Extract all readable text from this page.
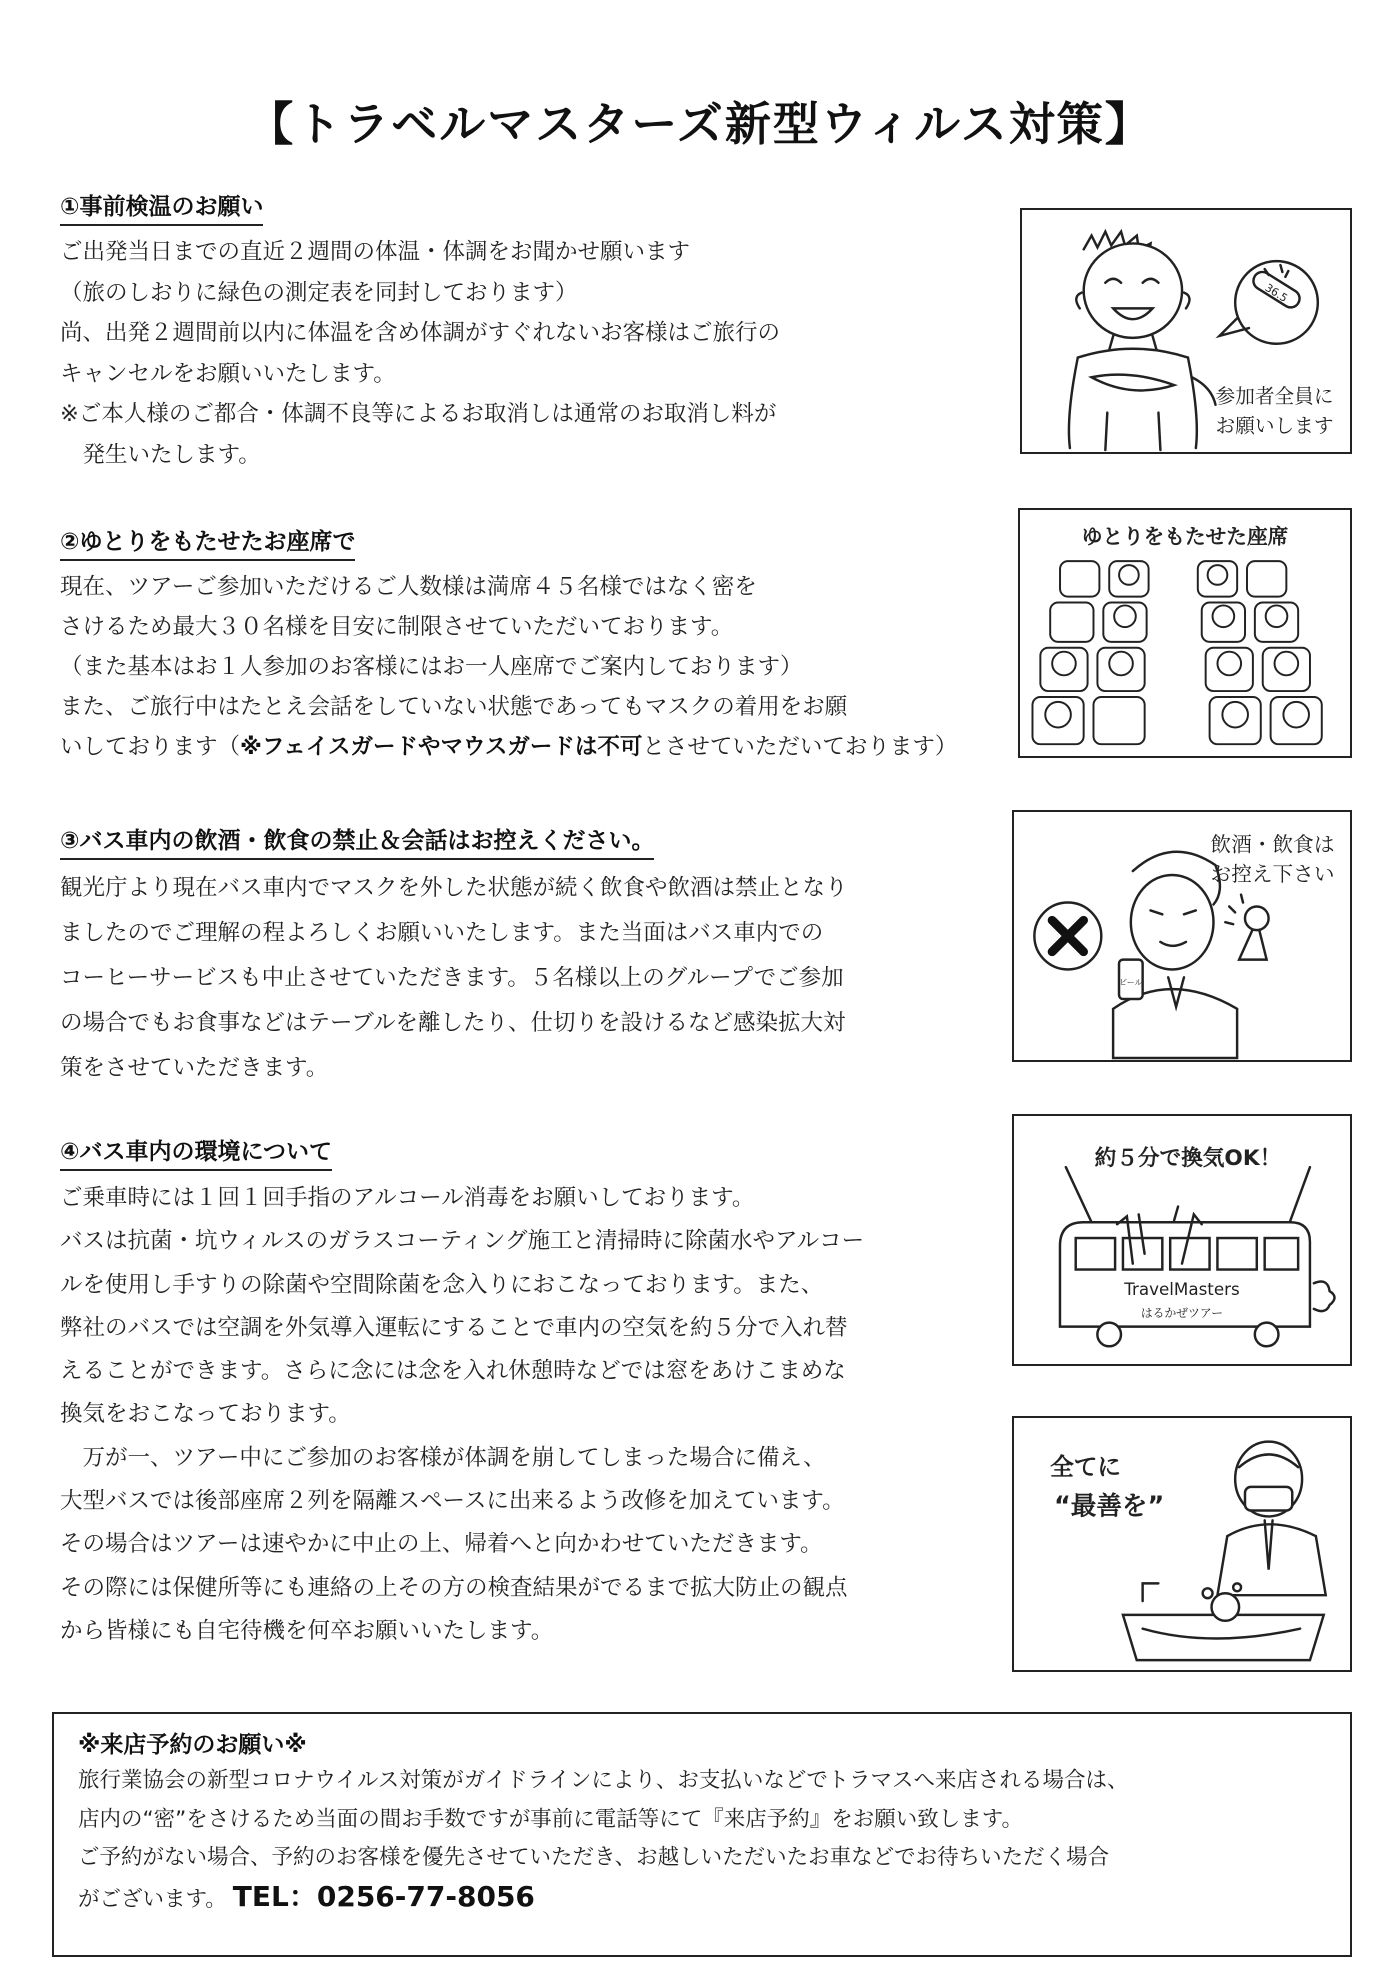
【トラベルマスターズ新型ウィルス対策】
①事前検温のお願い
ご出発当日までの直近２週間の体温・体調をお聞かせ願います
（旅のしおりに緑色の測定表を同封しております）
尚、出発２週間前以内に体温を含め体調がすぐれないお客様はご旅行の
キャンセルをお願いいたします。
※ご本人様のご都合・体調不良等によるお取消しは通常のお取消し料が
　発生いたします。
②ゆとりをもたせたお座席で
現在、ツアーご参加いただけるご人数様は満席４５名様ではなく密を
さけるため最大３０名様を目安に制限させていただいております。
（また基本はお１人参加のお客様にはお一人座席でご案内しております）
また、ご旅行中はたとえ会話をしていない状態であってもマスクの着用をお願
いしております（※フェイスガードやマウスガードは不可とさせていただいております）
③バス車内の飲酒・飲食の禁止＆会話はお控えください。
観光庁より現在バス車内でマスクを外した状態が続く飲食や飲酒は禁止となり
ましたのでご理解の程よろしくお願いいたします。また当面はバス車内での
コーヒーサービスも中止させていただきます。５名様以上のグループでご参加
の場合でもお食事などはテーブルを離したり、仕切りを設けるなど感染拡大対
策をさせていただきます。
④バス車内の環境について
ご乗車時には１回１回手指のアルコール消毒をお願いしております。
バスは抗菌・坑ウィルスのガラスコーティング施工と清掃時に除菌水やアルコー
ルを使用し手すりの除菌や空間除菌を念入りにおこなっております。また、
弊社のバスでは空調を外気導入運転にすることで車内の空気を約５分で入れ替
えることができます。さらに念には念を入れ休憩時などでは窓をあけこまめな
換気をおこなっております。
　万が一、ツアー中にご参加のお客様が体調を崩してしまった場合に備え、
大型バスでは後部座席２列を隔離スペースに出来るよう改修を加えています。
その場合はツアーは速やかに中止の上、帰着へと向かわせていただきます。
その際には保健所等にも連絡の上その方の検査結果がでるまで拡大防止の観点
から皆様にも自宅待機を何卒お願いいたします。
36.5
参加者全員に
お願いします
ゆとりをもたせた座席
飲酒・飲食は
お控え下さい
ビール
約５分で換気OK！
TravelMasters
はるかぜツアー
全てに
“最善を”
※来店予約のお願い※
旅行業協会の新型コロナウイルス対策がガイドラインにより、お支払いなどでトラマスへ来店される場合は、
店内の“密”をさけるため当面の間お手数ですが事前に電話等にて『来店予約』をお願い致します。
ご予約がない場合、予約のお客様を優先させていただき、お越しいただいたお車などでお待ちいただく場合
がございます。 TEL：0256-77-8056
